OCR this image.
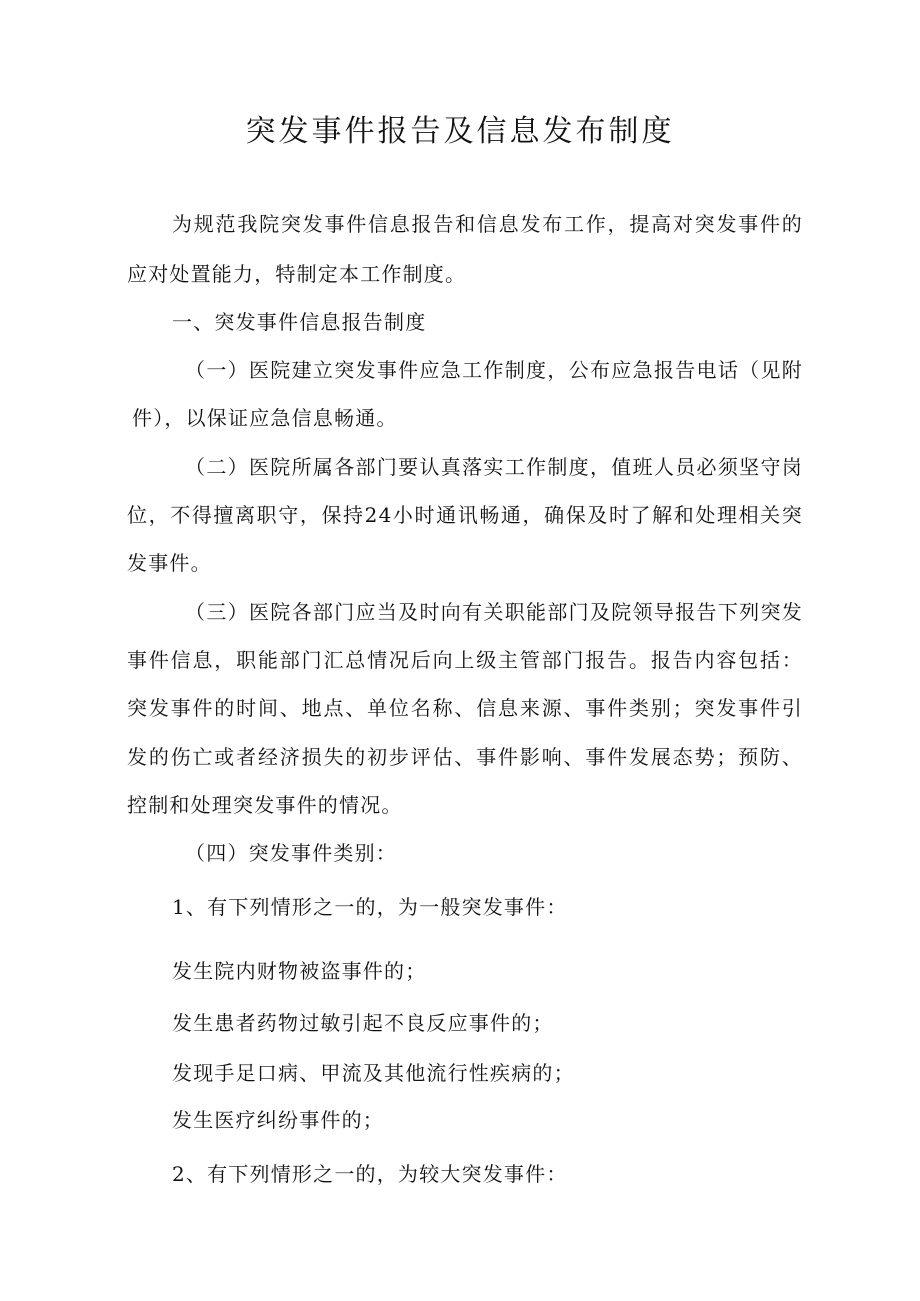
突发事件报告及信息发布制度
为规范我院突发事件信息报告和信息发布工作，提高对突发事件的
应对处置能力，特制定本工作制度。
一、突发事件信息报告制度
（一）医院建立突发事件应急工作制度，公布应急报告电话（见附
件），以保证应急信息畅通。
（二）医院所属各部门要认真落实工作制度，值班人员必须坚守岗
位，不得擅离职守，保持24小时通讯畅通，确保及时了解和处理相关突
发事件。
（三）医院各部门应当及时向有关职能部门及院领导报告下列突发
事件信息，职能部门汇总情况后向上级主管部门报告。报告内容包括：
突发事件的时间、地点、单位名称、信息来源、事件类别；突发事件引
发的伤亡或者经济损失的初步评估、事件影响、事件发展态势；预防、
控制和处理突发事件的情况。
（四）突发事件类别：
1、有下列情形之一的，为一般突发事件：
发生院内财物被盗事件的；
发生患者药物过敏引起不良反应事件的；
发现手足口病、甲流及其他流行性疾病的；
发生医疗纠纷事件的；
2、有下列情形之一的，为较大突发事件：
